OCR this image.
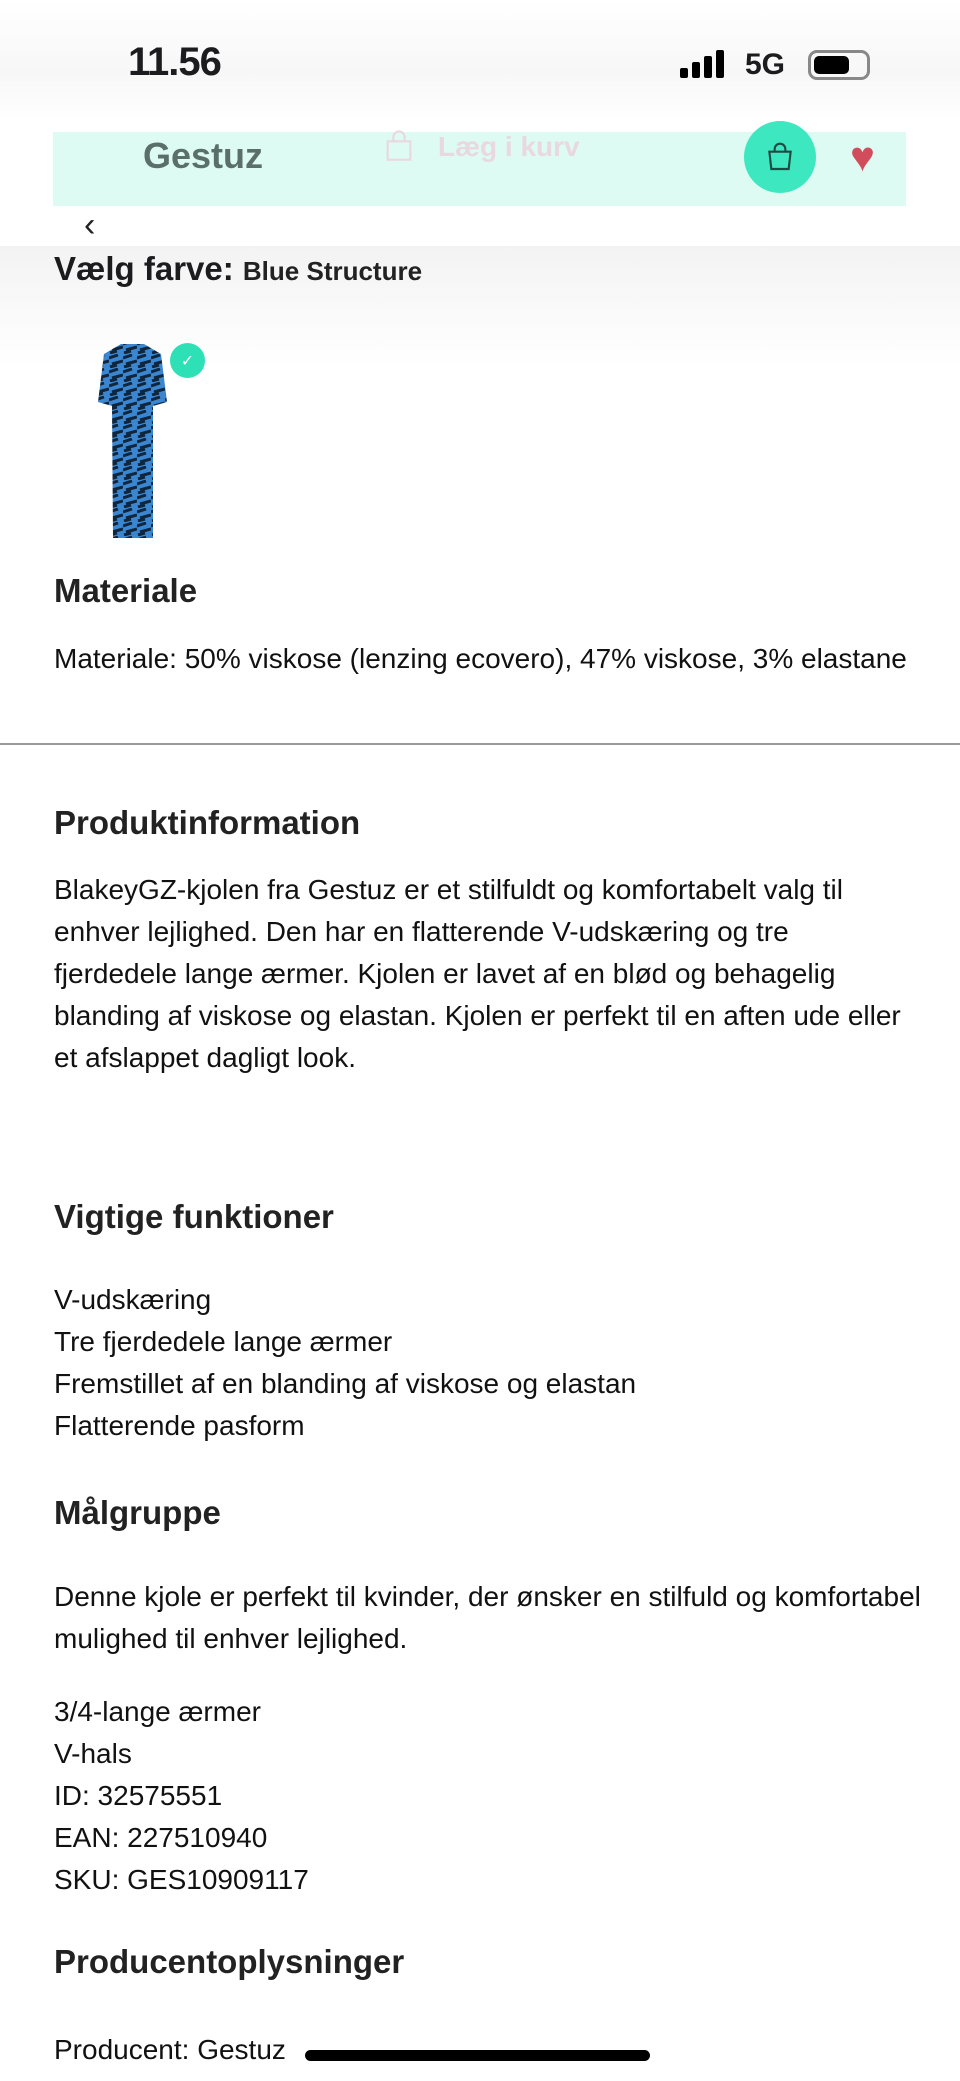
11.56	5G
Gestuz	Læg i kurv	♥
‹
Vælg farve: Blue Structure
✓
Materiale
Materiale: 50% viskose (lenzing ecovero), 47% viskose, 3% elastane
Produktinformation
BlakeyGZ-kjolen fra Gestuz er et stilfuldt og komfortabelt valg til enhver lejlighed. Den har en flatterende V-udskæring og tre fjerdedele lange ærmer. Kjolen er lavet af en blød og behagelig blanding af viskose og elastan. Kjolen er perfekt til en aften ude eller et afslappet dagligt look.
Vigtige funktioner
V-udskæring
Tre fjerdedele lange ærmer
Fremstillet af en blanding af viskose og elastan
Flatterende pasform
Målgruppe
Denne kjole er perfekt til kvinder, der ønsker en stilfuld og komfortabel mulighed til enhver lejlighed.
3/4-lange ærmer
V-hals
ID: 32575551
EAN: 227510940
SKU: GES10909117
Producentoplysninger
Producent: Gestuz
